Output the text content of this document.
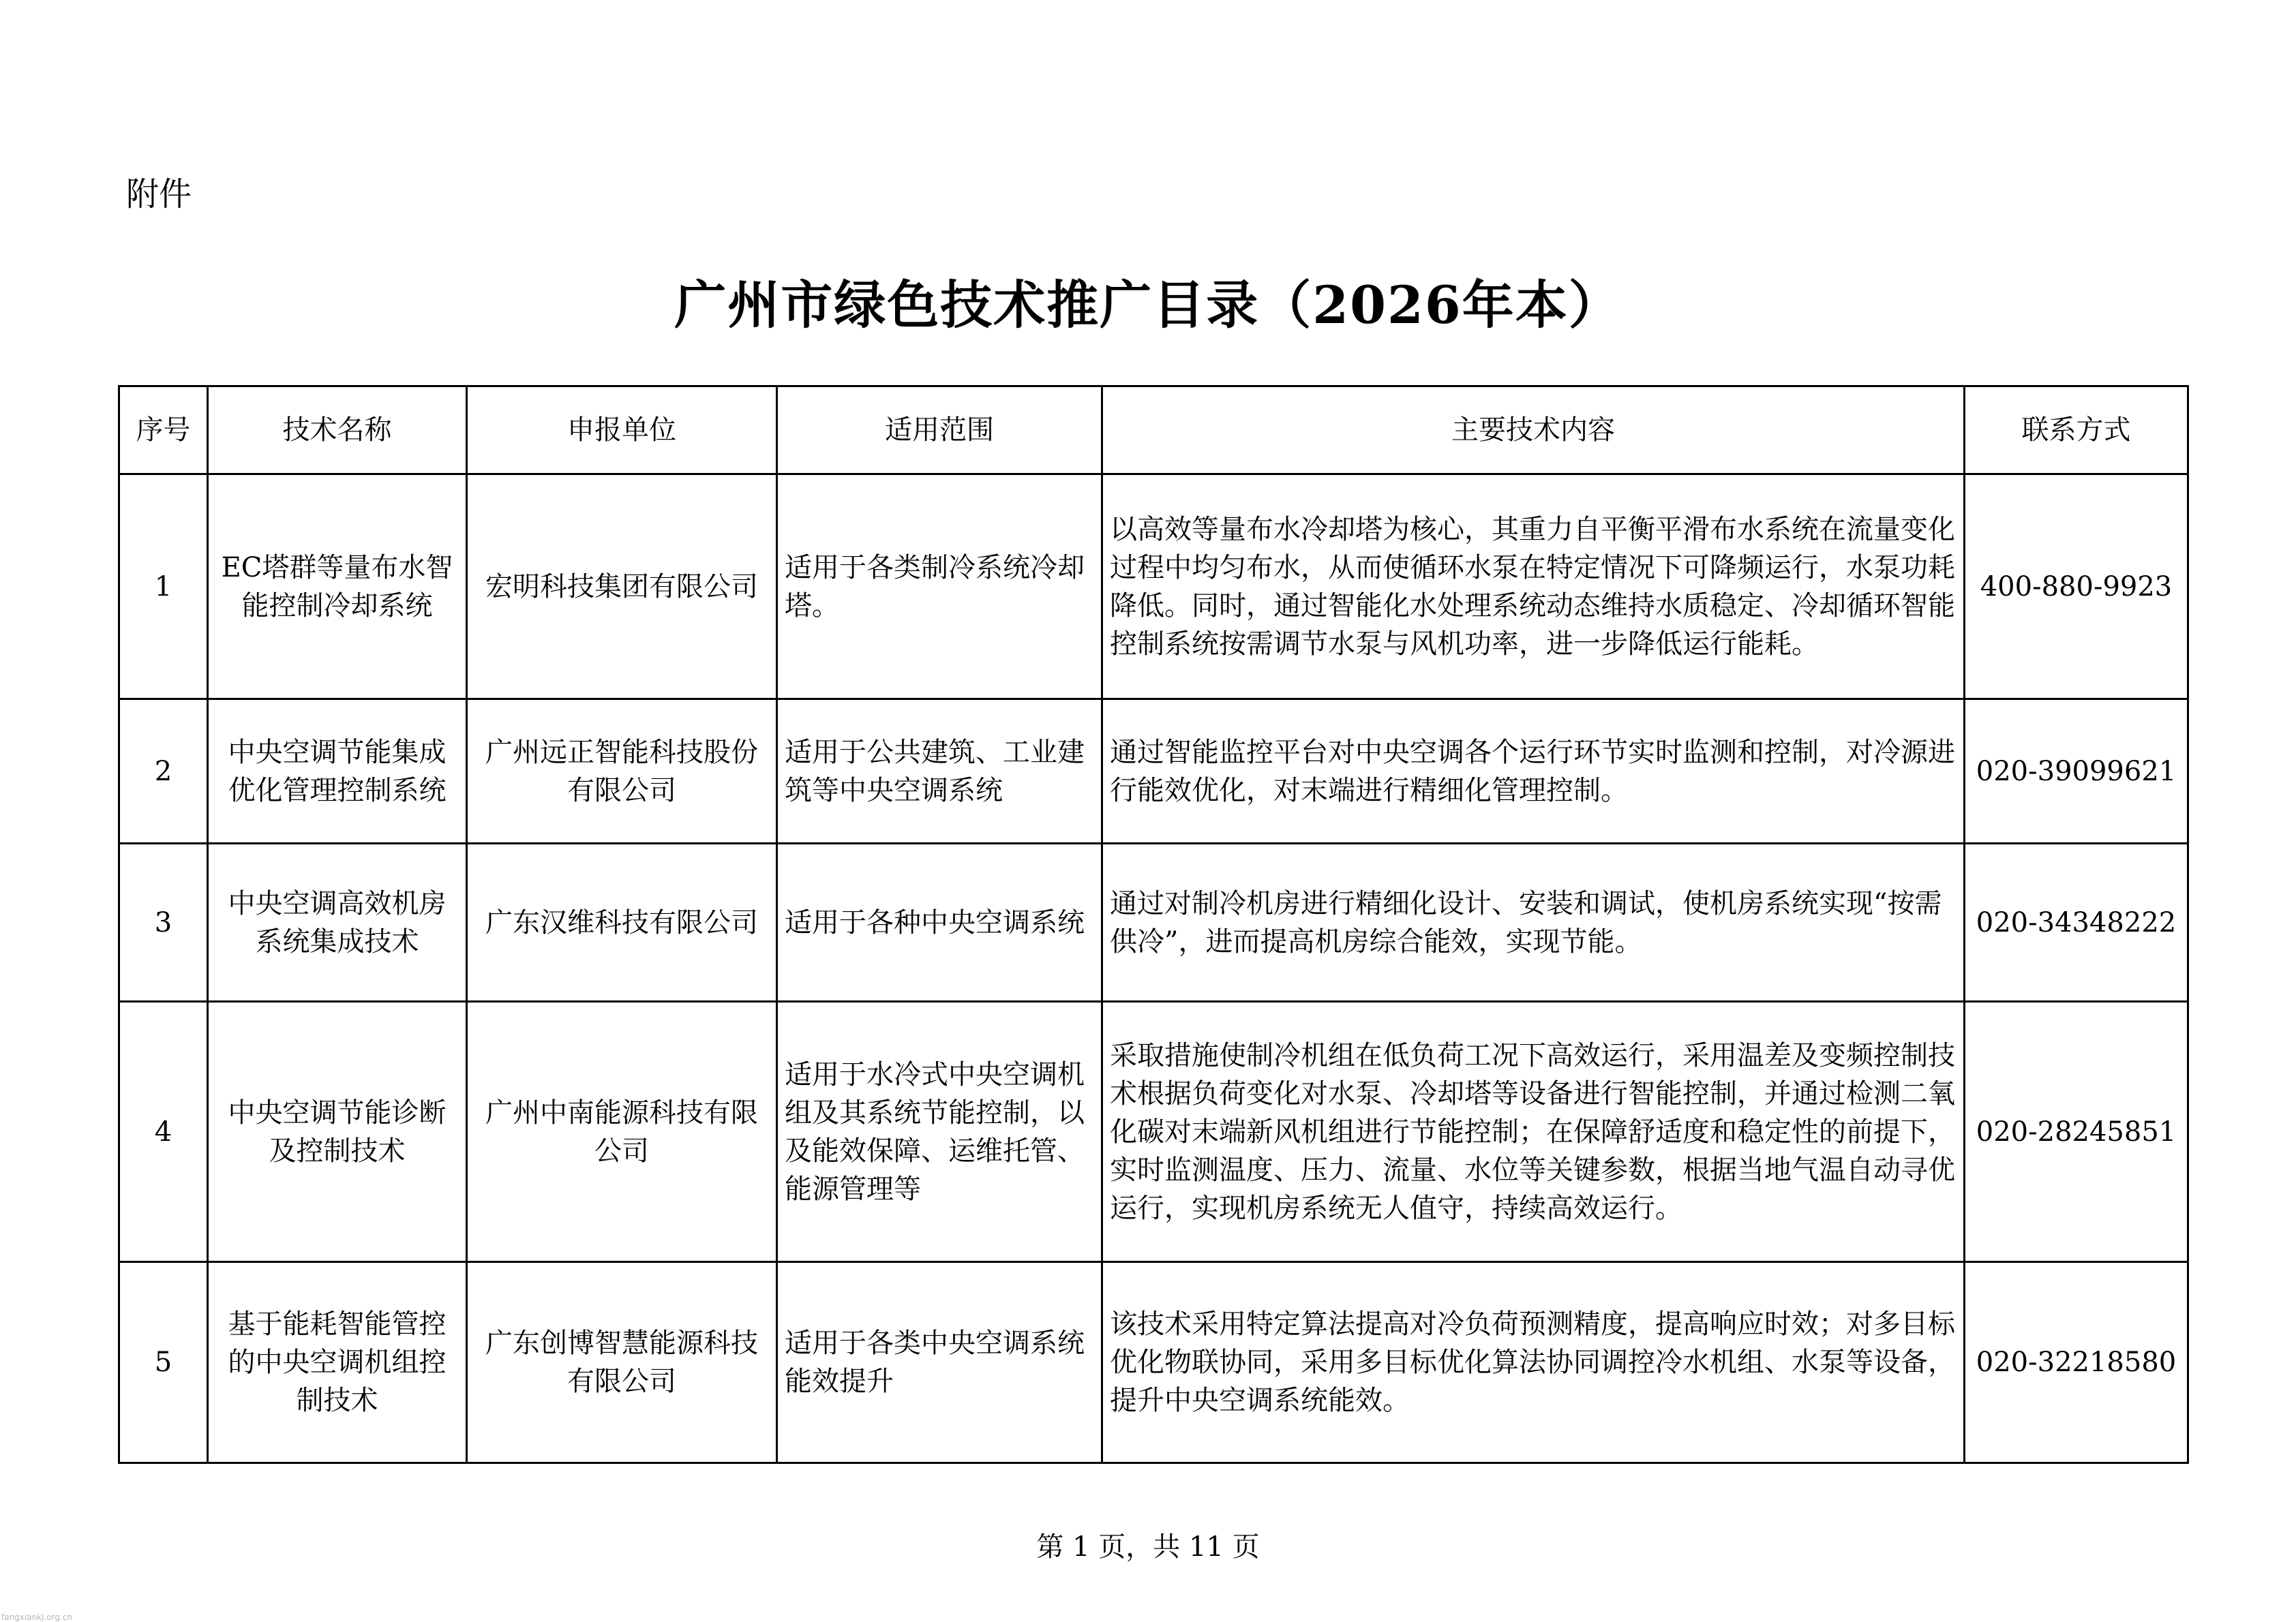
附件
广州市绿色技术推广目录（2026年本）
序号	技术名称	申报单位	适用范围	主要技术内容	联系方式
1	EC塔群等量布水智能控制冷却系统	宏明科技集团有限公司	适用于各类制冷系统冷却塔。	以高效等量布水冷却塔为核心，其重力自平衡平滑布水系统在流量变化过程中均匀布水，从而使循环水泵在特定情况下可降频运行，水泵功耗降低。同时，通过智能化水处理系统动态维持水质稳定、冷却循环智能控制系统按需调节水泵与风机功率，进一步降低运行能耗。	400-880-9923
2	中央空调节能集成优化管理控制系统	广州远正智能科技股份有限公司	适用于公共建筑、工业建筑等中央空调系统	通过智能监控平台对中央空调各个运行环节实时监测和控制，对冷源进行能效优化，对末端进行精细化管理控制。	020-39099621
3	中央空调高效机房系统集成技术	广东汉维科技有限公司	适用于各种中央空调系统	通过对制冷机房进行精细化设计、安装和调试，使机房系统实现“按需供冷”，进而提高机房综合能效，实现节能。	020-34348222
4	中央空调节能诊断及控制技术	广州中南能源科技有限公司	适用于水冷式中央空调机组及其系统节能控制，以及能效保障、运维托管、能源管理等	采取措施使制冷机组在低负荷工况下高效运行，采用温差及变频控制技术根据负荷变化对水泵、冷却塔等设备进行智能控制，并通过检测二氧化碳对末端新风机组进行节能控制；在保障舒适度和稳定性的前提下，实时监测温度、压力、流量、水位等关键参数，根据当地气温自动寻优运行，实现机房系统无人值守，持续高效运行。	020-28245851
5	基于能耗智能管控的中央空调机组控制技术	广东创博智慧能源科技有限公司	适用于各类中央空调系统能效提升	该技术采用特定算法提高对冷负荷预测精度，提高响应时效；对多目标优化物联协同，采用多目标优化算法协同调控冷水机组、水泵等设备，提升中央空调系统能效。	020-32218580
第 1 页，共 11 页
fangxiankj.org.cn
